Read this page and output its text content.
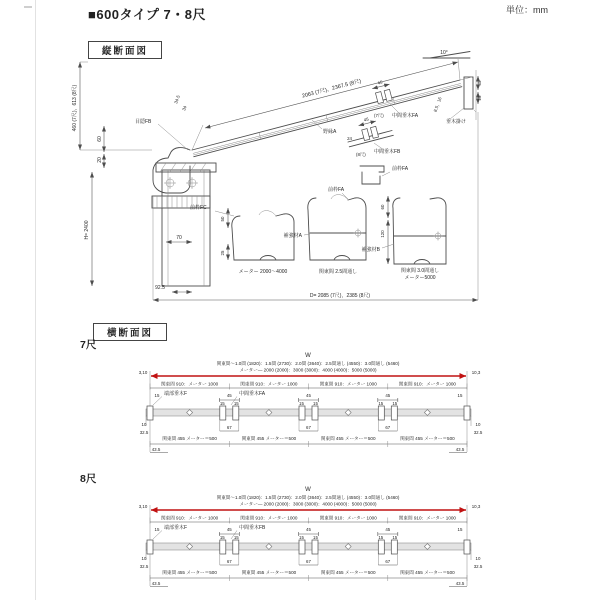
■600タイプ 7・8尺	単位：mm
縦断面図	10°
2063 (7尺)，2367.5 (8尺)
34.5
34
460 (7尺)，613 (8尺)
60
20
H= 2400	70
92.5
目隠FB
野縁A
45
(7尺) 中間垂木FA
45
24
(8尺) 中間垂木FB
前枠FA
垂木掛け
35
25
8.5，16
50
25
前枠FC
メーター 2000～4000
前枠FA
補強材A
関東間 2.5間通し
60
120
補強材B
関東間 3.0間通し
メーター5000
D= 2085 (7尺)，2385 (8尺)
横断面図
7尺
W
関東間〜1.0間 (1820)：1.5間 (2730)：2.0間 (3640)：2.5間通し (4550)：3.0間通し (5460)
メーター― 2000 (2000)：3000 (3000)：4000 (4000)：5000 (5000)
3,10	10,3
関東間 910：メーター 1000	関東間 910：メーター 1000	関東間 910：メーター 1000	関東間 910：メーター 1000
端部垂木F	中間垂木FA
45	45	45
15	15
15 15	15 15	15 15
67	67	67
10
32.5
10
32.5
関東間 455 メーター＝500	関東間 455 メーター＝500	関東間 455 メーター＝500	関東間 455 メーター＝500
43.5	43.5
8尺
W
関東間〜1.0間 (1820)：1.5間 (2730)：2.0間 (3640)：2.5間通し (4550)：3.0間通し (5460)
メーター― 2000 (2000)：3000 (3000)：4000 (4000)：5000 (5000)
3,10	10,3
関東間 910：メーター 1000	関東間 910：メーター 1000	関東間 910：メーター 1000	関東間 910：メーター 1000
端部垂木F	中間垂木FB
45	45	45
15	15
15 15	15 15	15 15
67	67	67
10
32.5
10
32.5
関東間 455 メーター＝500	関東間 455 メーター＝500	関東間 455 メーター＝500	関東間 455 メーター＝500
43.5	43.5
